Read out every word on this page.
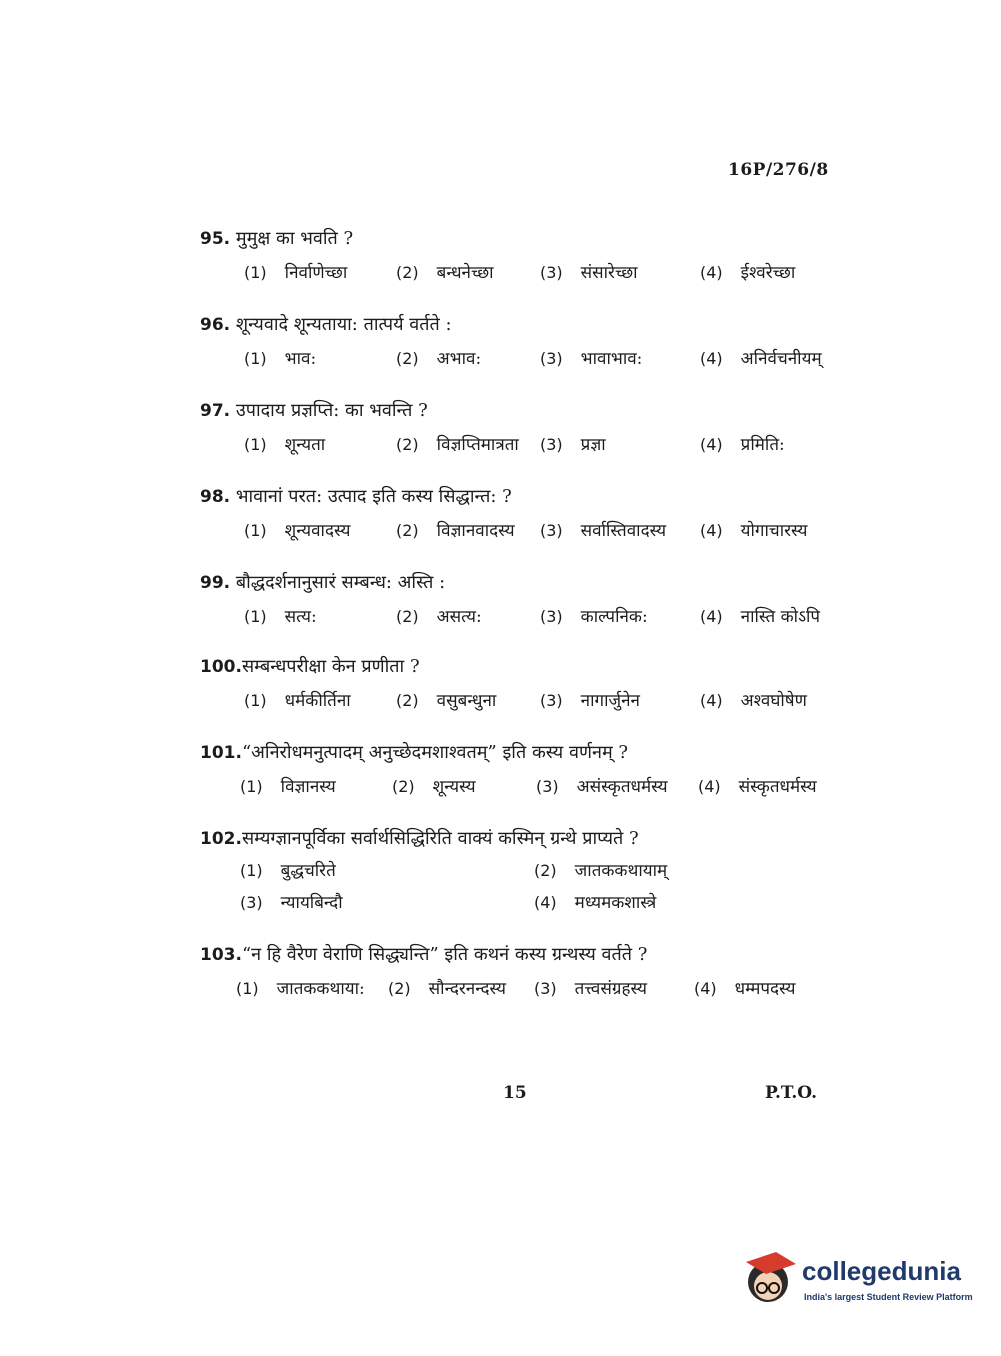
16P/276/8
95. मुमुक्ष का भवति ?
(1) निर्वाणेच्छा	(2) बन्धनेच्छा	(3) संसारेच्छा	(4) ईश्वरेच्छा
96. शून्यवादे शून्यताया: तात्पर्य वर्तते :
(1) भाव:	(2) अभाव:	(3) भावाभाव:	(4) अनिर्वचनीयम्
97. उपादाय प्रज्ञप्ति: का भवन्ति ?
(1) शून्यता	(2) विज्ञप्तिमात्रता (3) प्रज्ञा	(4) प्रमिति:
98. भावानां परत: उत्पाद इति कस्य सिद्धान्त: ?
(1) शून्यवादस्य	(2) विज्ञानवादस्य (3) सर्वास्तिवादस्य (4) योगाचारस्य
99. बौद्धदर्शनानुसारं सम्बन्ध: अस्ति :
(1) सत्य:	(2) असत्य:	(3) काल्पनिक:	(4) नास्ति कोऽपि
100.सम्बन्धपरीक्षा केन प्रणीता ?
(1) धर्मकीर्तिना	(2) वसुबन्धुना	(3) नागार्जुनेन	(4) अश्वघोषेण
101.“अनिरोधमनुत्पादम् अनुच्छेदमशाश्वतम्” इति कस्य वर्णनम् ?
(1) विज्ञानस्य	(2) शून्यस्य	(3) असंस्कृतधर्मस्य (4) संस्कृतधर्मस्य
102.सम्यग्ज्ञानपूर्विका सर्वार्थसिद्धिरिति वाक्यं कस्मिन् ग्रन्थे प्राप्यते ?
(1) बुद्धचरिते	(2) जातककथायाम्
(3) न्यायबिन्दौ	(4) मध्यमकशास्त्रे
103.“न हि वैरेण वेराणि सिद्ध्यन्ति” इति कथनं कस्य ग्रन्थस्य वर्तते ?
(1) जातककथाया: (2) सौन्दरनन्दस्य (3) तत्त्वसंग्रहस्य	(4) धम्मपदस्य
15	P.T.O.
collegedunia
India's largest Student Review Platform
